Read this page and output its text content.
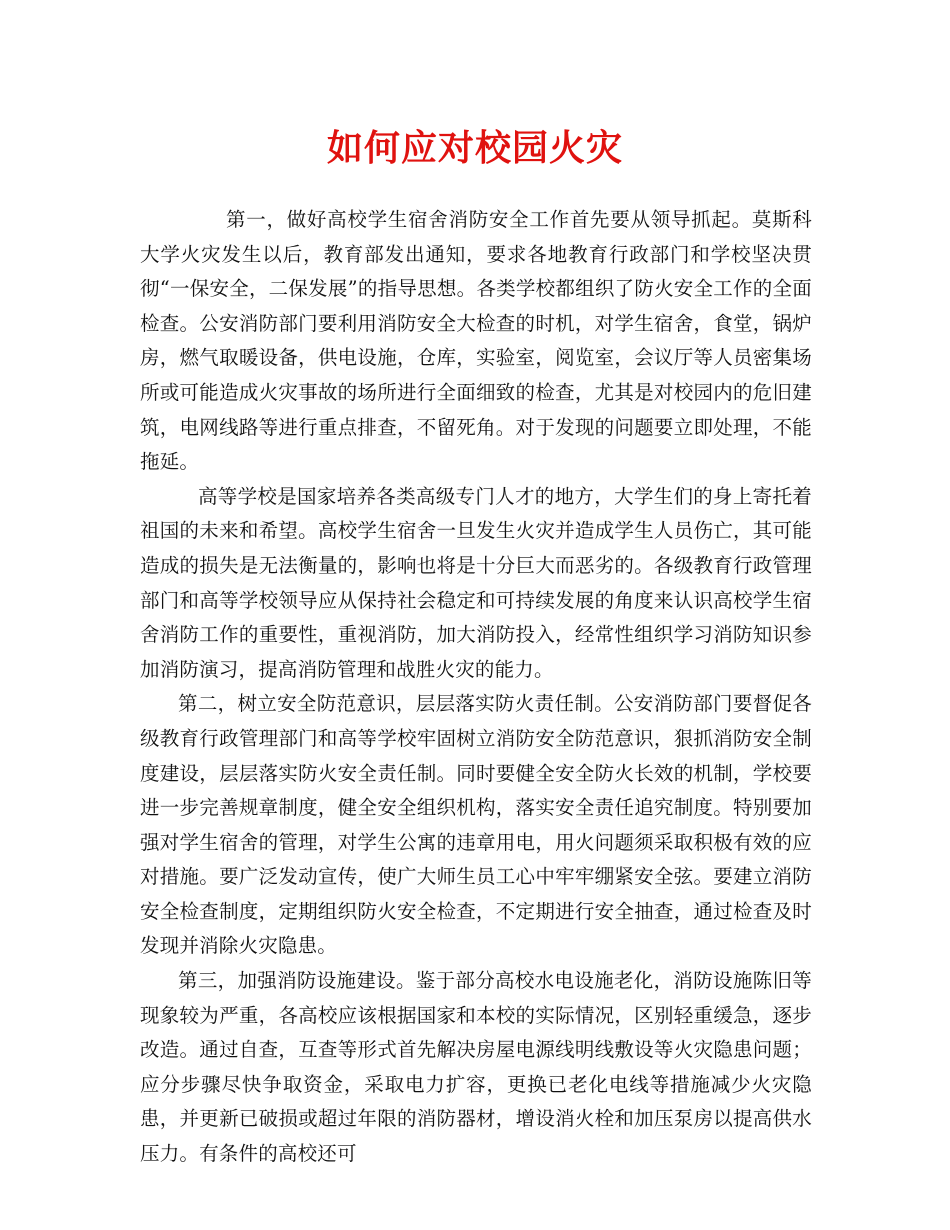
如何应对校园火灾

第一，做好高校学生宿舍消防安全工作首先要从领导抓起。莫斯科大学火灾发生以后，教育部发出通知，要求各地教育行政部门和学校坚决贯彻“一保安全，二保发展”的指导思想。各类学校都组织了防火安全工作的全面检查。公安消防部门要利用消防安全大检查的时机，对学生宿舍，食堂，锅炉房，燃气取暖设备，供电设施，仓库，实验室，阅览室，会议厅等人员密集场所或可能造成火灾事故的场所进行全面细致的检查，尤其是对校园内的危旧建筑，电网线路等进行重点排查，不留死角。对于发现的问题要立即处理，不能拖延。

高等学校是国家培养各类高级专门人才的地方，大学生们的身上寄托着祖国的未来和希望。高校学生宿舍一旦发生火灾并造成学生人员伤亡，其可能造成的损失是无法衡量的，影响也将是十分巨大而恶劣的。各级教育行政管理部门和高等学校领导应从保持社会稳定和可持续发展的角度来认识高校学生宿舍消防工作的重要性，重视消防，加大消防投入，经常性组织学习消防知识参加消防演习，提高消防管理和战胜火灾的能力。

第二，树立安全防范意识，层层落实防火责任制。公安消防部门要督促各级教育行政管理部门和高等学校牢固树立消防安全防范意识，狠抓消防安全制度建设，层层落实防火安全责任制。同时要健全安全防火长效的机制，学校要进一步完善规章制度，健全安全组织机构，落实安全责任追究制度。特别要加强对学生宿舍的管理，对学生公寓的违章用电，用火问题须采取积极有效的应对措施。要广泛发动宣传，使广大师生员工心中牢牢绷紧安全弦。要建立消防安全检查制度，定期组织防火安全检查，不定期进行安全抽查，通过检查及时发现并消除火灾隐患。

第三，加强消防设施建设。鉴于部分高校水电设施老化，消防设施陈旧等现象较为严重，各高校应该根据国家和本校的实际情况，区别轻重缓急，逐步改造。通过自查，互查等形式首先解决房屋电源线明线敷设等火灾隐患问题；应分步骤尽快争取资金，采取电力扩容，更换已老化电线等措施减少火灾隐患，并更新已破损或超过年限的消防器材，增设消火栓和加压泵房以提高供水压力。有条件的高校还可
